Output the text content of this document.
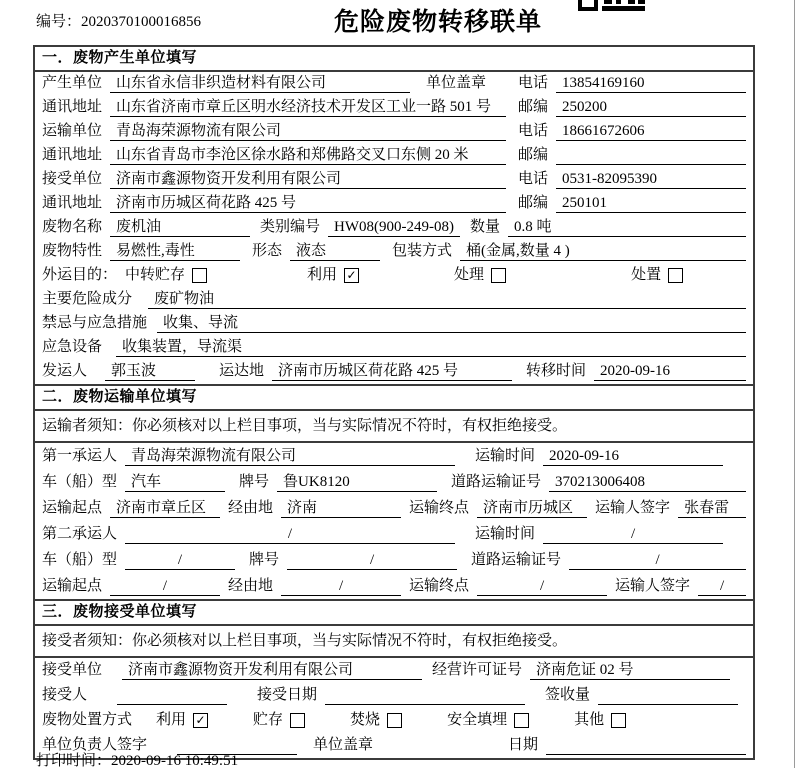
编号：2020370100016856	危险废物转移联单
一．废物产生单位填写
产生单位 山东省永信非织造材料有限公司	单位盖章 电话 13854169160
通讯地址 山东省济南市章丘区明水经济技术开发区工业一路 501 号	邮编 250200
运输单位 青岛海荣源物流有限公司	电话 18661672606
通讯地址 山东省青岛市李沧区徐水路和郑佛路交叉口东侧 20 米	邮编
接受单位 济南市鑫源物资开发利用有限公司	电话 0531-82095390
通讯地址 济南市历城区荷花路 425 号	邮编 250101
废物名称 废机油	类别编号 HW08(900-249-08)	数量 0.8 吨
废物特性 易燃性,毒性	形态 液态	包装方式 桶(金属,数量 4 )
外运目的： 中转贮存	利用 ✓	处理	处置
主要危险成分	废矿物油
禁忌与应急措施	收集、导流
应急设备	收集装置，导流渠
发运人	郭玉波	运达地 济南市历城区荷花路 425 号	转移时间 2020-09-16
二．废物运输单位填写
运输者须知：你必须核对以上栏目事项，当与实际情况不符时，有权拒绝接受。
第一承运人 青岛海荣源物流有限公司	运输时间 2020-09-16
车（船）型 汽车	牌号 鲁UK8120	道路运输证号 370213006408
运输起点 济南市章丘区	经由地 济南	运输终点 济南市历城区	运输人签字 张春雷
第二承运人	/	运输时间	/
车（船）型	/	牌号	/	道路运输证号	/
运输起点	/	经由地	/	运输终点	/	运输人签字	/
三．废物接受单位填写
接受者须知：你必须核对以上栏目事项，当与实际情况不符时，有权拒绝接受。
接受单位	济南市鑫源物资开发利用有限公司	经营许可证号 济南危证 02 号
接受人	接受日期	签收量
废物处置方式 利用 ✓	贮存	焚烧	安全填埋	其他
单位负责人签字	单位盖章	日期
打印时间：2020-09-16 10:49:51
